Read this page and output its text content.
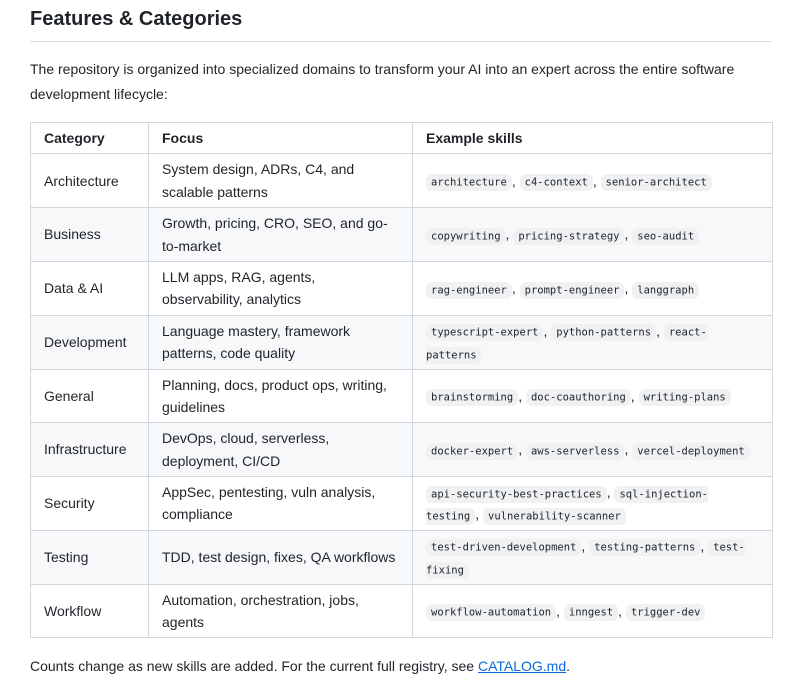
Features & Categories

The repository is organized into specialized domains to transform your AI into an expert across the entire software development lifecycle:

Category	Focus	Example skills
Architecture	System design, ADRs, C4, and scalable patterns	architecture , c4-context , senior-architect
Business	Growth, pricing, CRO, SEO, and go-to-market	copywriting , pricing-strategy , seo-audit
Data & AI	LLM apps, RAG, agents, observability, analytics	rag-engineer , prompt-engineer , langgraph
Development	Language mastery, framework patterns, code quality	typescript-expert , python-patterns , react-patterns
General	Planning, docs, product ops, writing, guidelines	brainstorming , doc-coauthoring , writing-plans
Infrastructure	DevOps, cloud, serverless, deployment, CI/CD	docker-expert , aws-serverless , vercel-deployment
Security	AppSec, pentesting, vuln analysis, compliance	api-security-best-practices , sql-injection-testing , vulnerability-scanner
Testing	TDD, test design, fixes, QA workflows	test-driven-development , testing-patterns , test-fixing
Workflow	Automation, orchestration, jobs, agents	workflow-automation , inngest , trigger-dev

Counts change as new skills are added. For the current full registry, see CATALOG.md.
